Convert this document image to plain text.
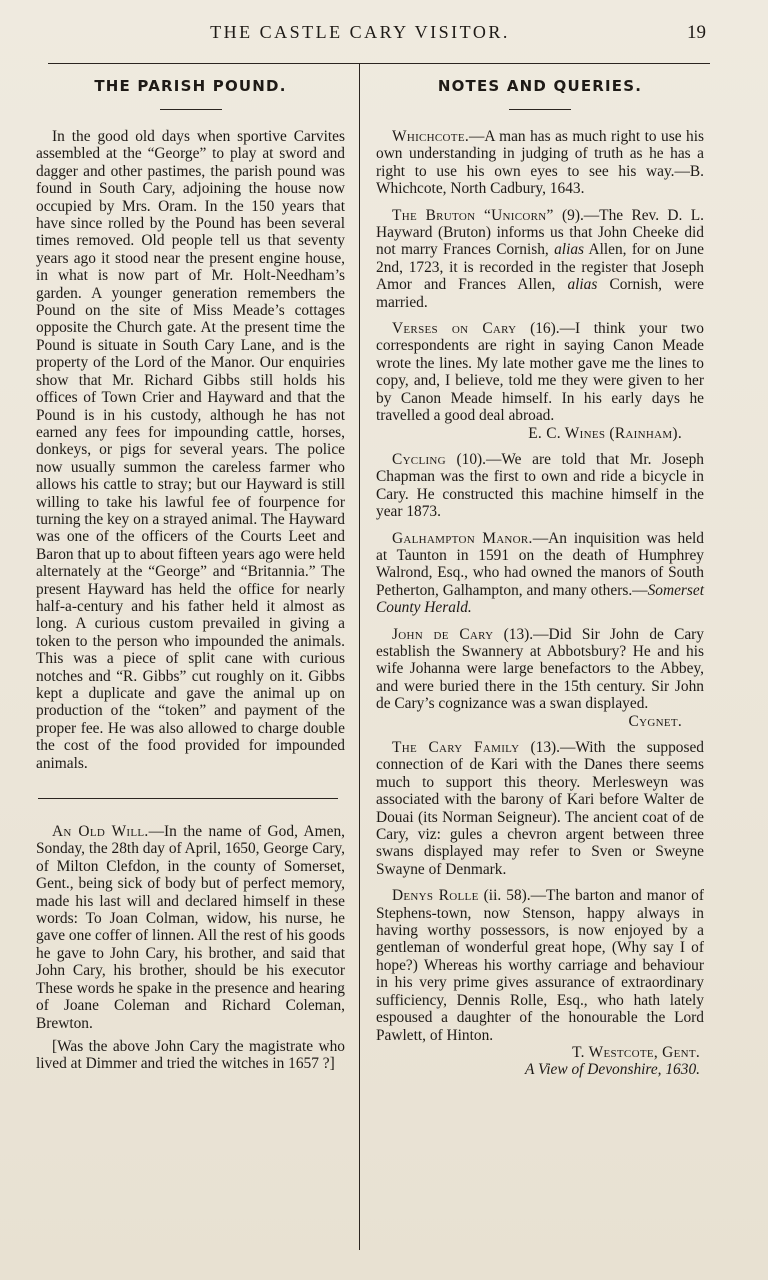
THE CASTLE CARY VISITOR.	19
THE PARISH POUND.

In the good old days when sportive Carvites assembled at the “George” to play at sword and dagger and other pastimes, the parish pound was found in South Cary, adjoining the house now occupied by Mrs. Oram. In the 150 years that have since rolled by the Pound has been several times removed. Old people tell us that seventy years ago it stood near the present engine house, in what is now part of Mr. Holt-Needham’s garden. A younger generation remembers the Pound on the site of Miss Meade’s cottages opposite the Church gate. At the present time the Pound is situate in South Cary Lane, and is the property of the Lord of the Manor. Our enquiries show that Mr. Richard Gibbs still holds his offices of Town Crier and Hayward and that the Pound is in his custody, although he has not earned any fees for impounding cattle, horses, donkeys, or pigs for several years. The police now usually summon the careless farmer who allows his cattle to stray; but our Hayward is still willing to take his lawful fee of fourpence for turning the key on a strayed animal. The Hayward was one of the officers of the Courts Leet and Baron that up to about fifteen years ago were held alternately at the “George” and “Britannia.” The present Hayward has held the office for nearly half-a-century and his father held it almost as long. A curious custom prevailed in giving a token to the person who impounded the animals. This was a piece of split cane with curious notches and “R. Gibbs” cut roughly on it. Gibbs kept a duplicate and gave the animal up on production of the “token” and payment of the proper fee. He was also allowed to charge double the cost of the food provided for impounded animals.

An Old Will.—In the name of God, Amen, Sonday, the 28th day of April, 1650, George Cary, of Milton Clefdon, in the county of Somerset, Gent., being sick of body but of perfect memory, made his last will and declared himself in these words: To Joan Colman, widow, his nurse, he gave one coffer of linnen. All the rest of his goods he gave to John Cary, his brother, and said that John Cary, his brother, should be his executor These words he spake in the presence and hearing of Joane Coleman and Richard Coleman, Brewton.

[Was the above John Cary the magistrate who lived at Dimmer and tried the witches in 1657 ?]

NOTES AND QUERIES.

Whichcote.—A man has as much right to use his own understanding in judging of truth as he has a right to use his own eyes to see his way.—B. Whichcote, North Cadbury, 1643.

The Bruton “Unicorn” (9).—The Rev. D. L. Hayward (Bruton) informs us that John Cheeke did not marry Frances Cornish, alias Allen, for on June 2nd, 1723, it is recorded in the register that Joseph Amor and Frances Allen, alias Cornish, were married.

Verses on Cary (16).—I think your two correspondents are right in saying Canon Meade wrote the lines. My late mother gave me the lines to copy, and, I believe, told me they were given to her by Canon Meade himself. In his early days he travelled a good deal abroad.

E. C. Wines (Rainham).

Cycling (10).—We are told that Mr. Joseph Chapman was the first to own and ride a bicycle in Cary. He constructed this machine himself in the year 1873.

Galhampton Manor.—An inquisition was held at Taunton in 1591 on the death of Humphrey Walrond, Esq., who had owned the manors of South Petherton, Galhampton, and many others.—Somerset County Herald.

John de Cary (13).—Did Sir John de Cary establish the Swannery at Abbotsbury? He and his wife Johanna were large benefactors to the Abbey, and were buried there in the 15th century. Sir John de Cary’s cognizance was a swan displayed.

Cygnet.

The Cary Family (13).—With the supposed connection of de Kari with the Danes there seems much to support this theory. Merlesweyn was associated with the barony of Kari before Walter de Douai (its Norman Seigneur). The ancient coat of de Cary, viz: gules a chevron argent between three swans displayed may refer to Sven or Sweyne Swayne of Denmark.

Denys Rolle (ii. 58).—The barton and manor of Stephens-town, now Stenson, happy always in having worthy possessors, is now enjoyed by a gentleman of wonderful great hope, (Why say I of hope?) Whereas his worthy carriage and behaviour in his very prime gives assurance of extraordinary sufficiency, Dennis Rolle, Esq., who hath lately espoused a daughter of the honourable the Lord Pawlett, of Hinton.

T. Westcote, Gent.

A View of Devonshire, 1630.
